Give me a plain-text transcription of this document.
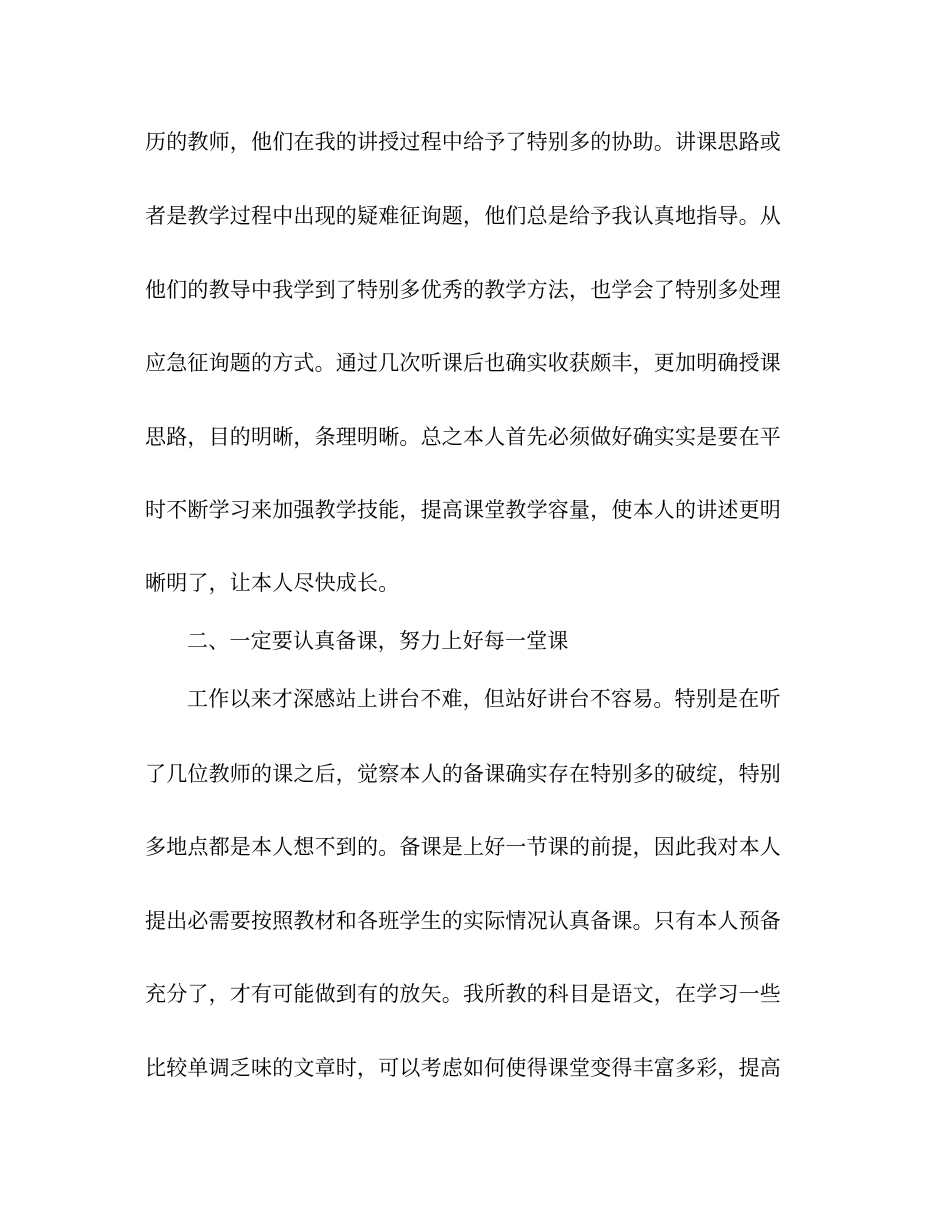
历的教师，他们在我的讲授过程中给予了特别多的协助。讲课思路或
者是教学过程中出现的疑难征询题，他们总是给予我认真地指导。从
他们的教导中我学到了特别多优秀的教学方法，也学会了特别多处理
应急征询题的方式。通过几次听课后也确实收获颇丰，更加明确授课
思路，目的明晰，条理明晰。总之本人首先必须做好确实实是要在平
时不断学习来加强教学技能，提高课堂教学容量，使本人的讲述更明
晰明了，让本人尽快成长。
二、一定要认真备课，努力上好每一堂课
工作以来才深感站上讲台不难，但站好讲台不容易。特别是在听
了几位教师的课之后，觉察本人的备课确实存在特别多的破绽，特别
多地点都是本人想不到的。备课是上好一节课的前提，因此我对本人
提出必需要按照教材和各班学生的实际情况认真备课。只有本人预备
充分了，才有可能做到有的放矢。我所教的科目是语文，在学习一些
比较单调乏味的文章时，可以考虑如何使得课堂变得丰富多彩，提高
